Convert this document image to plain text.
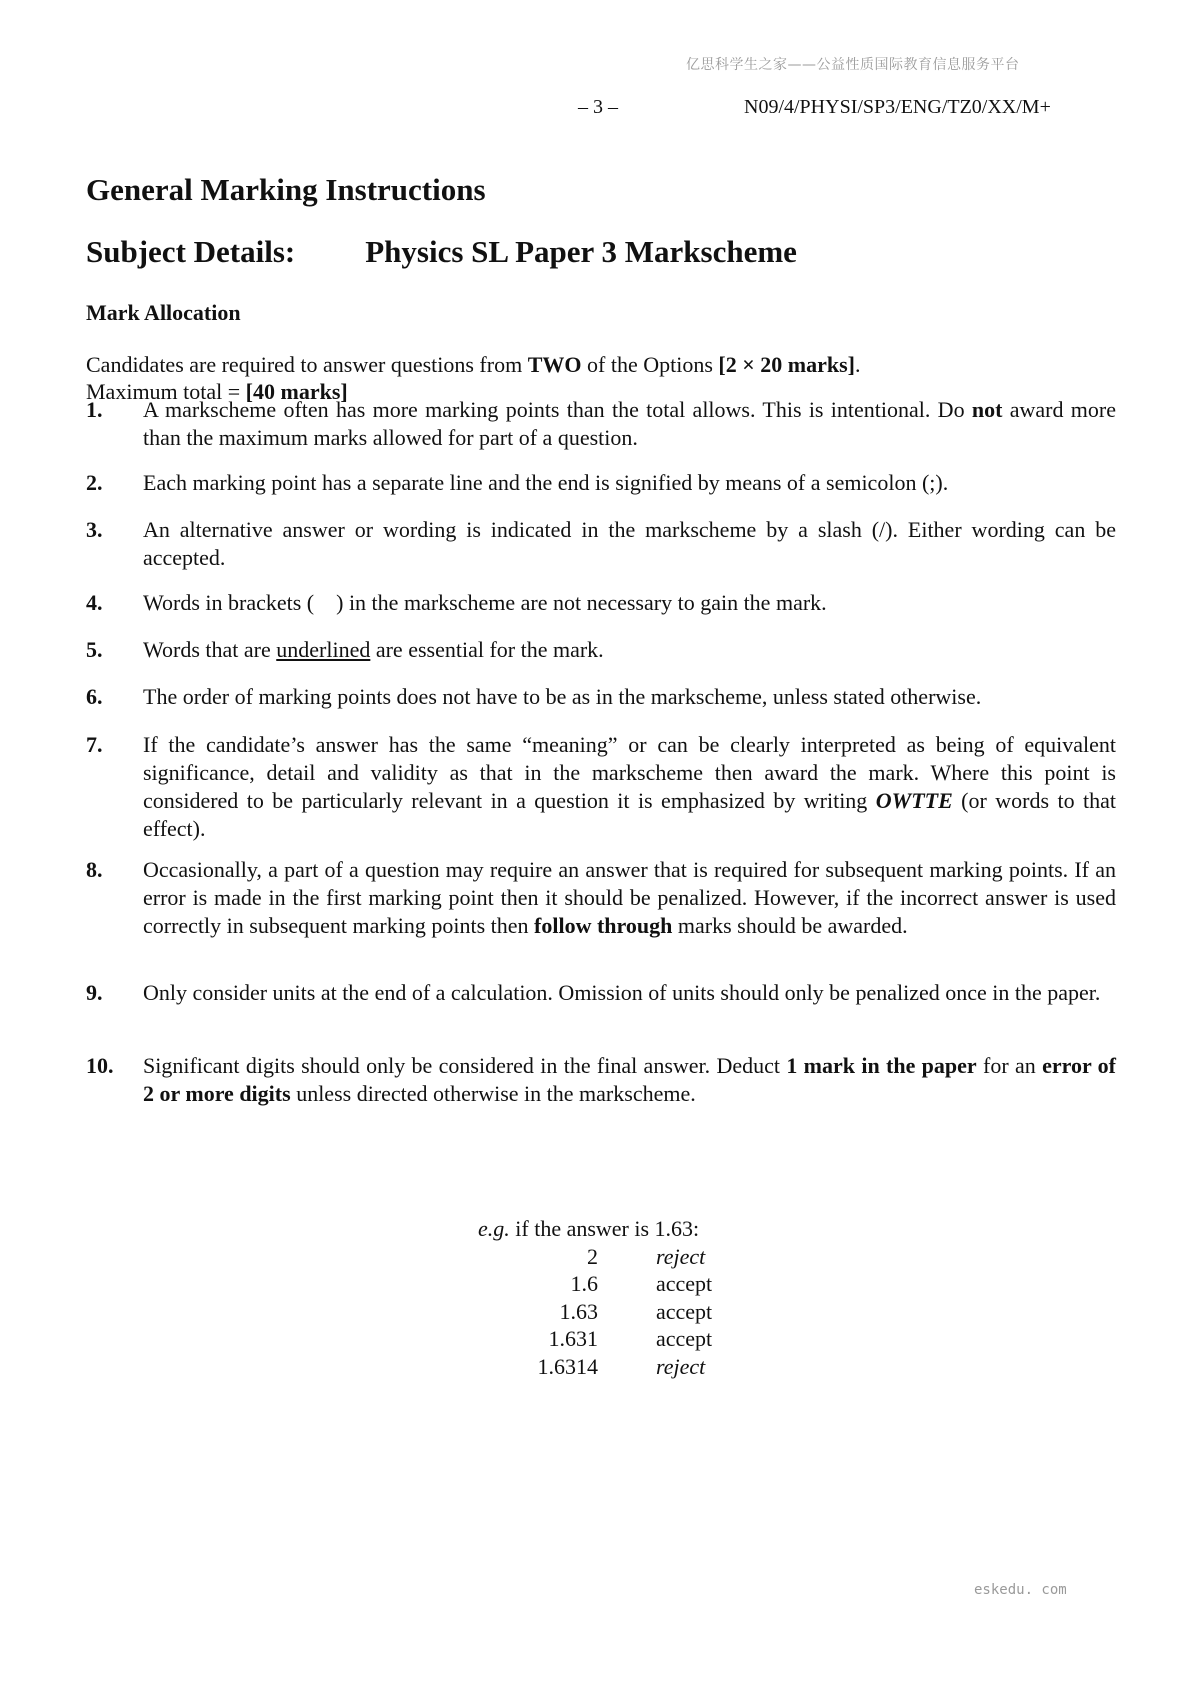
亿思科学生之家——公益性质国际教育信息服务平台
– 3 –	N09/4/PHYSI/SP3/ENG/TZ0/XX/M+
General Marking Instructions
Subject Details: Physics SL Paper 3 Markscheme
Mark Allocation
Candidates are required to answer questions from TWO of the Options [2 × 20 marks].
Maximum total = [40 marks]
1. A markscheme often has more marking points than the total allows. This is intentional. Do not award more than the maximum marks allowed for part of a question.
2. Each marking point has a separate line and the end is signified by means of a semicolon (;).
3. An alternative answer or wording is indicated in the markscheme by a slash (/). Either wording can be accepted.
4. Words in brackets (    ) in the markscheme are not necessary to gain the mark.
5. Words that are underlined are essential for the mark.
6. The order of marking points does not have to be as in the markscheme, unless stated otherwise.
7. If the candidate’s answer has the same “meaning” or can be clearly interpreted as being of equivalent significance, detail and validity as that in the markscheme then award the mark. Where this point is considered to be particularly relevant in a question it is emphasized by writing OWTTE (or words to that effect).
8. Occasionally, a part of a question may require an answer that is required for subsequent marking points. If an error is made in the first marking point then it should be penalized. However, if the incorrect answer is used correctly in subsequent marking points then follow through marks should be awarded.
9. Only consider units at the end of a calculation. Omission of units should only be penalized once in the paper.
10. Significant digits should only be considered in the final answer. Deduct 1 mark in the paper for an error of 2 or more digits unless directed otherwise in the markscheme.
e.g. if the answer is 1.63:
2	reject
1.6	accept
1.63	accept
1.631	accept
1.6314	reject
eskedu. com
